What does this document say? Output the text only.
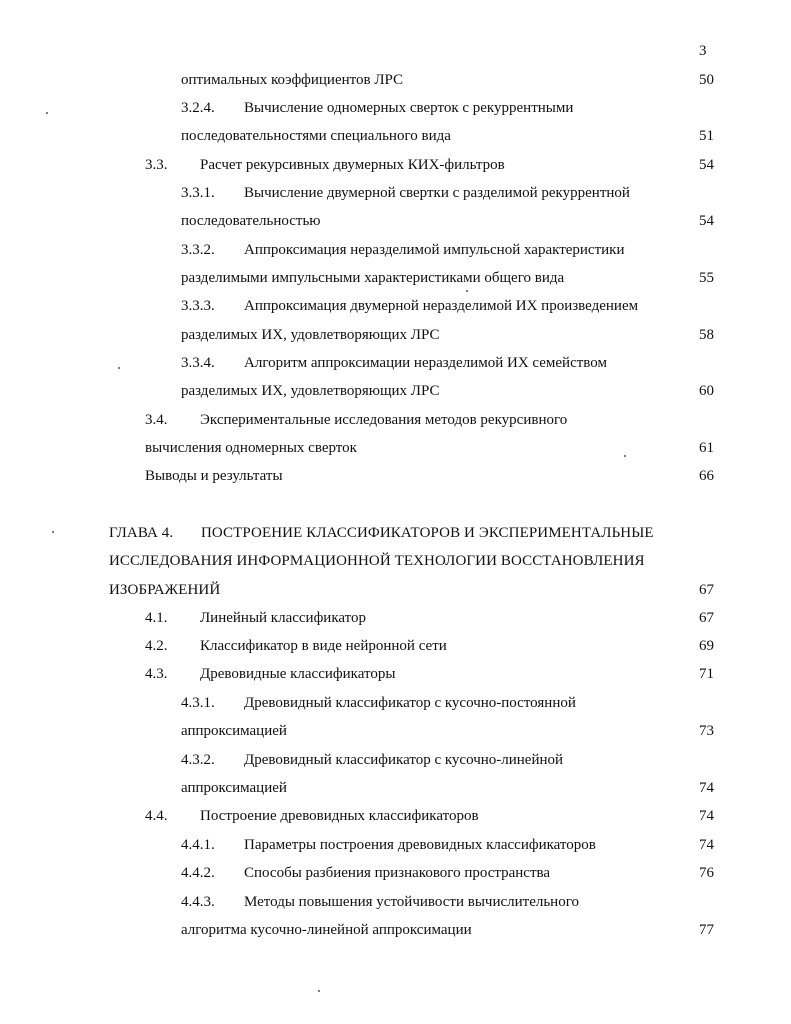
3
оптимальных коэффициентов ЛРС	50
3.2.4. Вычисление одномерных сверток с рекуррентными
последовательностями специального вида	51
3.3. Расчет рекурсивных двумерных КИХ-фильтров	54
3.3.1. Вычисление двумерной свертки с разделимой рекуррентной
последовательностью	54
3.3.2. Аппроксимация неразделимой импульсной характеристики
разделимыми импульсными характеристиками общего вида	55
3.3.3. Аппроксимация двумерной неразделимой ИХ произведением
разделимых ИХ, удовлетворяющих ЛРС	58
3.3.4. Алгоритм аппроксимации неразделимой ИХ семейством
разделимых ИХ, удовлетворяющих ЛРС	60
3.4. Экспериментальные исследования методов рекурсивного
вычисления одномерных сверток	61
Выводы и результаты	66
ГЛАВА 4. ПОСТРОЕНИЕ КЛАССИФИКАТОРОВ И ЭКСПЕРИМЕНТАЛЬНЫЕ
ИССЛЕДОВАНИЯ ИНФОРМАЦИОННОЙ ТЕХНОЛОГИИ ВОССТАНОВЛЕНИЯ
ИЗОБРАЖЕНИЙ	67
4.1. Линейный классификатор	67
4.2. Классификатор в виде нейронной сети	69
4.3. Древовидные классификаторы	71
4.3.1. Древовидный классификатор с кусочно-постоянной
аппроксимацией	73
4.3.2. Древовидный классификатор с кусочно-линейной
аппроксимацией	74
4.4. Построение древовидных классификаторов	74
4.4.1. Параметры построения древовидных классификаторов	74
4.4.2. Способы разбиения признакового пространства	76
4.4.3. Методы повышения устойчивости вычислительного
алгоритма кусочно-линейной аппроксимации	77
